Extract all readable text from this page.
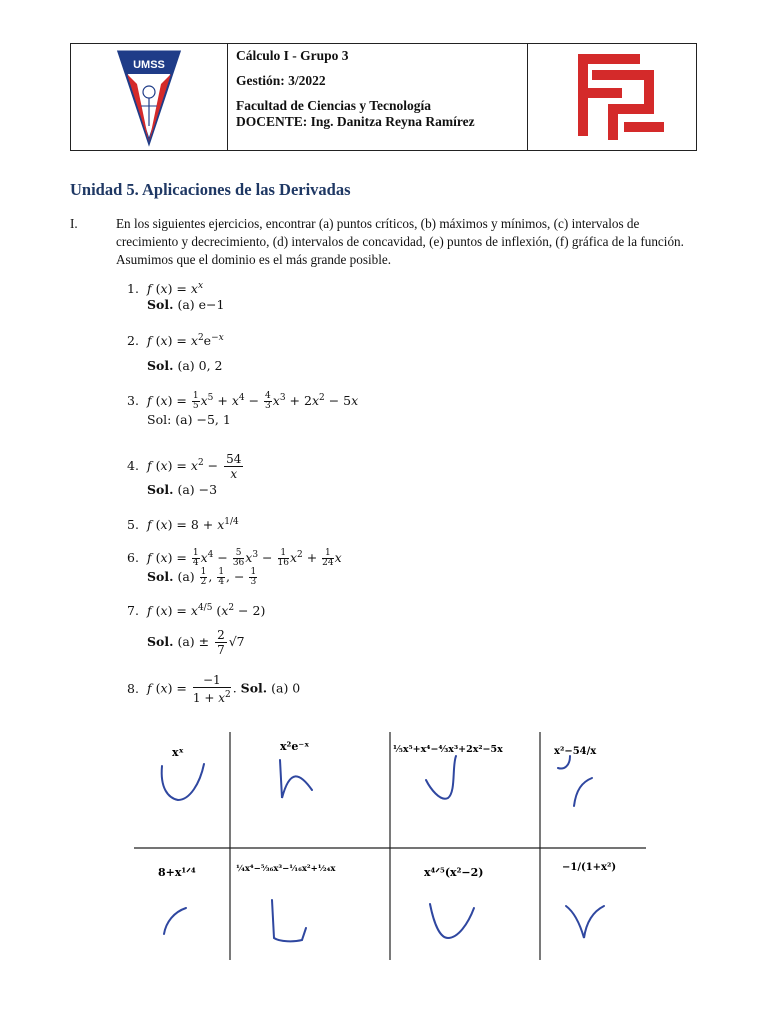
UMSS
Cálculo I - Grupo 3
Gestión: 3/2022
Facultad de Ciencias y Tecnología
DOCENTE: Ing. Danitza Reyna Ramírez
Unidad 5. Aplicaciones de las Derivadas
I.	En los siguientes ejercicios, encontrar (a) puntos críticos, (b) máximos y mínimos, (c) intervalos de crecimiento y decrecimiento, (d) intervalos de concavidad, (e) puntos de inflexión, (f) gráfica de la función. Asumimos que el dominio es el más grande posible.
1. f $(x) = x^x$
Sol. (a) e−1
2. f $(x) = x^2e^{-x}$
Sol. (a) 0, 2
3. f $(x) = \frac{1}{5} x^5 + x^4 - \frac{4}{3} x^3 + 2x^2 - 5x$
Sol: (a) −5, 1
4. f $(x) = x^2 - \frac{54}{x}$
Sol. (a) −3
5. f $(x) = 8 + x^{1/4}$
6. f $(x) = \frac{1}{4} x^4 - \frac{5}{36} x^3 - \frac{1}{16} x^2 + \frac{1}{24}$ x
Sol. $(a) \frac{1}{2}$ , $\frac{1}{4}$ , − $\frac{1}{3}$
7. f $(x) = x^{4/5}$ $(x^2 - 2)$
Sol. $(a) \pm \frac{2}{7} √7$
8. f $(x) = \frac{-1}{1 + x^2}$ . Sol. (a) 0
xˣ	x²e⁻ˣ	⅕x⁵+x⁴−⁴⁄₃x³+2x²−5x	x²−54/x
8+x¹ᐟ⁴	¼x⁴−⁵⁄₃₆x³−¹⁄₁₆x²+¹⁄₂₄x	x⁴ᐟ⁵(x²−2)	−1/(1+x²)
